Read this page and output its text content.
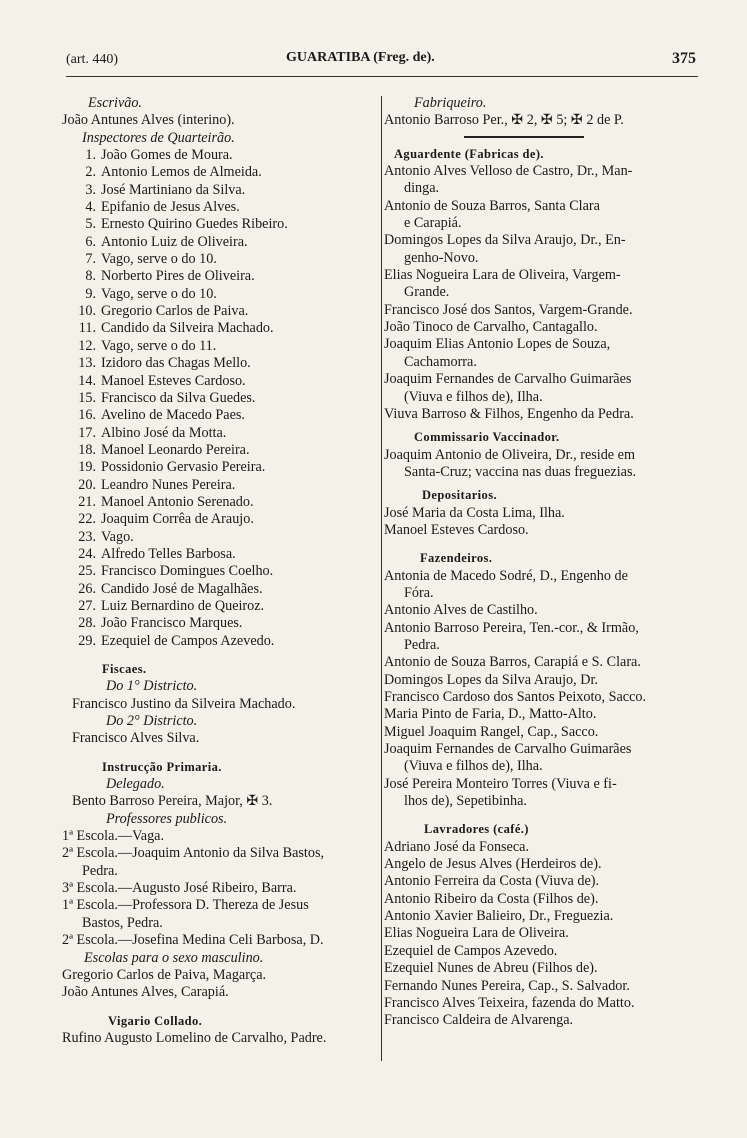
(art. 440)	GUARATIBA (Freg. de).	375
Escrivão.
João Antunes Alves (interino).
Inspectores de Quarteirão.
1. João Gomes de Moura.
2. Antonio Lemos de Almeida.
3. José Martiniano da Silva.
4. Epifanio de Jesus Alves.
5. Ernesto Quirino Guedes Ribeiro.
6. Antonio Luiz de Oliveira.
7. Vago, serve o do 10.
8. Norberto Pires de Oliveira.
9. Vago, serve o do 10.
10. Gregorio Carlos de Paiva.
11. Candido da Silveira Machado.
12. Vago, serve o do 11.
13. Izidoro das Chagas Mello.
14. Manoel Esteves Cardoso.
15. Francisco da Silva Guedes.
16. Avelino de Macedo Paes.
17. Albino José da Motta.
18. Manoel Leonardo Pereira.
19. Possidonio Gervasio Pereira.
20. Leandro Nunes Pereira.
21. Manoel Antonio Serenado.
22. Joaquim Corrêa de Araujo.
23. Vago.
24. Alfredo Telles Barbosa.
25. Francisco Domingues Coelho.
26. Candido José de Magalhães.
27. Luiz Bernardino de Queiroz.
28. João Francisco Marques.
29. Ezequiel de Campos Azevedo.
Fiscaes.
Do 1° Districto.
Francisco Justino da Silveira Machado.
Do 2° Districto.
Francisco Alves Silva.
Instrucção Primaria.
Delegado.
Bento Barroso Pereira, Major, ✠ 3.
Professores publicos.
1ª Escola.—Vaga.
2ª Escola.—Joaquim Antonio da Silva Bastos,
Pedra.
3ª Escola.—Augusto José Ribeiro, Barra.
1ª Escola.—Professora D. Thereza de Jesus
Bastos, Pedra.
2ª Escola.—Josefina Medina Celi Barbosa, D.
Escolas para o sexo masculino.
Gregorio Carlos de Paiva, Magarça.
João Antunes Alves, Carapiá.
Vigario Collado.
Rufino Augusto Lomelino de Carvalho, Padre.
Fabriqueiro.
Antonio Barroso Per., ✠ 2, ✠ 5; ✠ 2 de P.
Aguardente (Fabricas de).
Antonio Alves Velloso de Castro, Dr., Man-
dinga.
Antonio de Souza Barros, Santa Clara
e Carapiá.
Domingos Lopes da Silva Araujo, Dr., En-
genho-Novo.
Elias Nogueira Lara de Oliveira, Vargem-
Grande.
Francisco José dos Santos, Vargem-Grande.
João Tinoco de Carvalho, Cantagallo.
Joaquim Elias Antonio Lopes de Souza,
Cachamorra.
Joaquim Fernandes de Carvalho Guimarães
(Viuva e filhos de), Ilha.
Viuva Barroso & Filhos, Engenho da Pedra.
Commissario Vaccinador.
Joaquim Antonio de Oliveira, Dr., reside em
Santa-Cruz; vaccina nas duas freguezias.
Depositarios.
José Maria da Costa Lima, Ilha.
Manoel Esteves Cardoso.
Fazendeiros.
Antonia de Macedo Sodré, D., Engenho de
Fóra.
Antonio Alves de Castilho.
Antonio Barroso Pereira, Ten.-cor., & Irmão,
Pedra.
Antonio de Souza Barros, Carapiá e S. Clara.
Domingos Lopes da Silva Araujo, Dr.
Francisco Cardoso dos Santos Peixoto, Sacco.
Maria Pinto de Faria, D., Matto-Alto.
Miguel Joaquim Rangel, Cap., Sacco.
Joaquim Fernandes de Carvalho Guimarães
(Viuva e filhos de), Ilha.
José Pereira Monteiro Torres (Viuva e fi-
lhos de), Sepetibinha.
Lavradores (café.)
Adriano José da Fonseca.
Angelo de Jesus Alves (Herdeiros de).
Antonio Ferreira da Costa (Viuva de).
Antonio Ribeiro da Costa (Filhos de).
Antonio Xavier Balieiro, Dr., Freguezia.
Elias Nogueira Lara de Oliveira.
Ezequiel de Campos Azevedo.
Ezequiel Nunes de Abreu (Filhos de).
Fernando Nunes Pereira, Cap., S. Salvador.
Francisco Alves Teixeira, fazenda do Matto.
Francisco Caldeira de Alvarenga.
